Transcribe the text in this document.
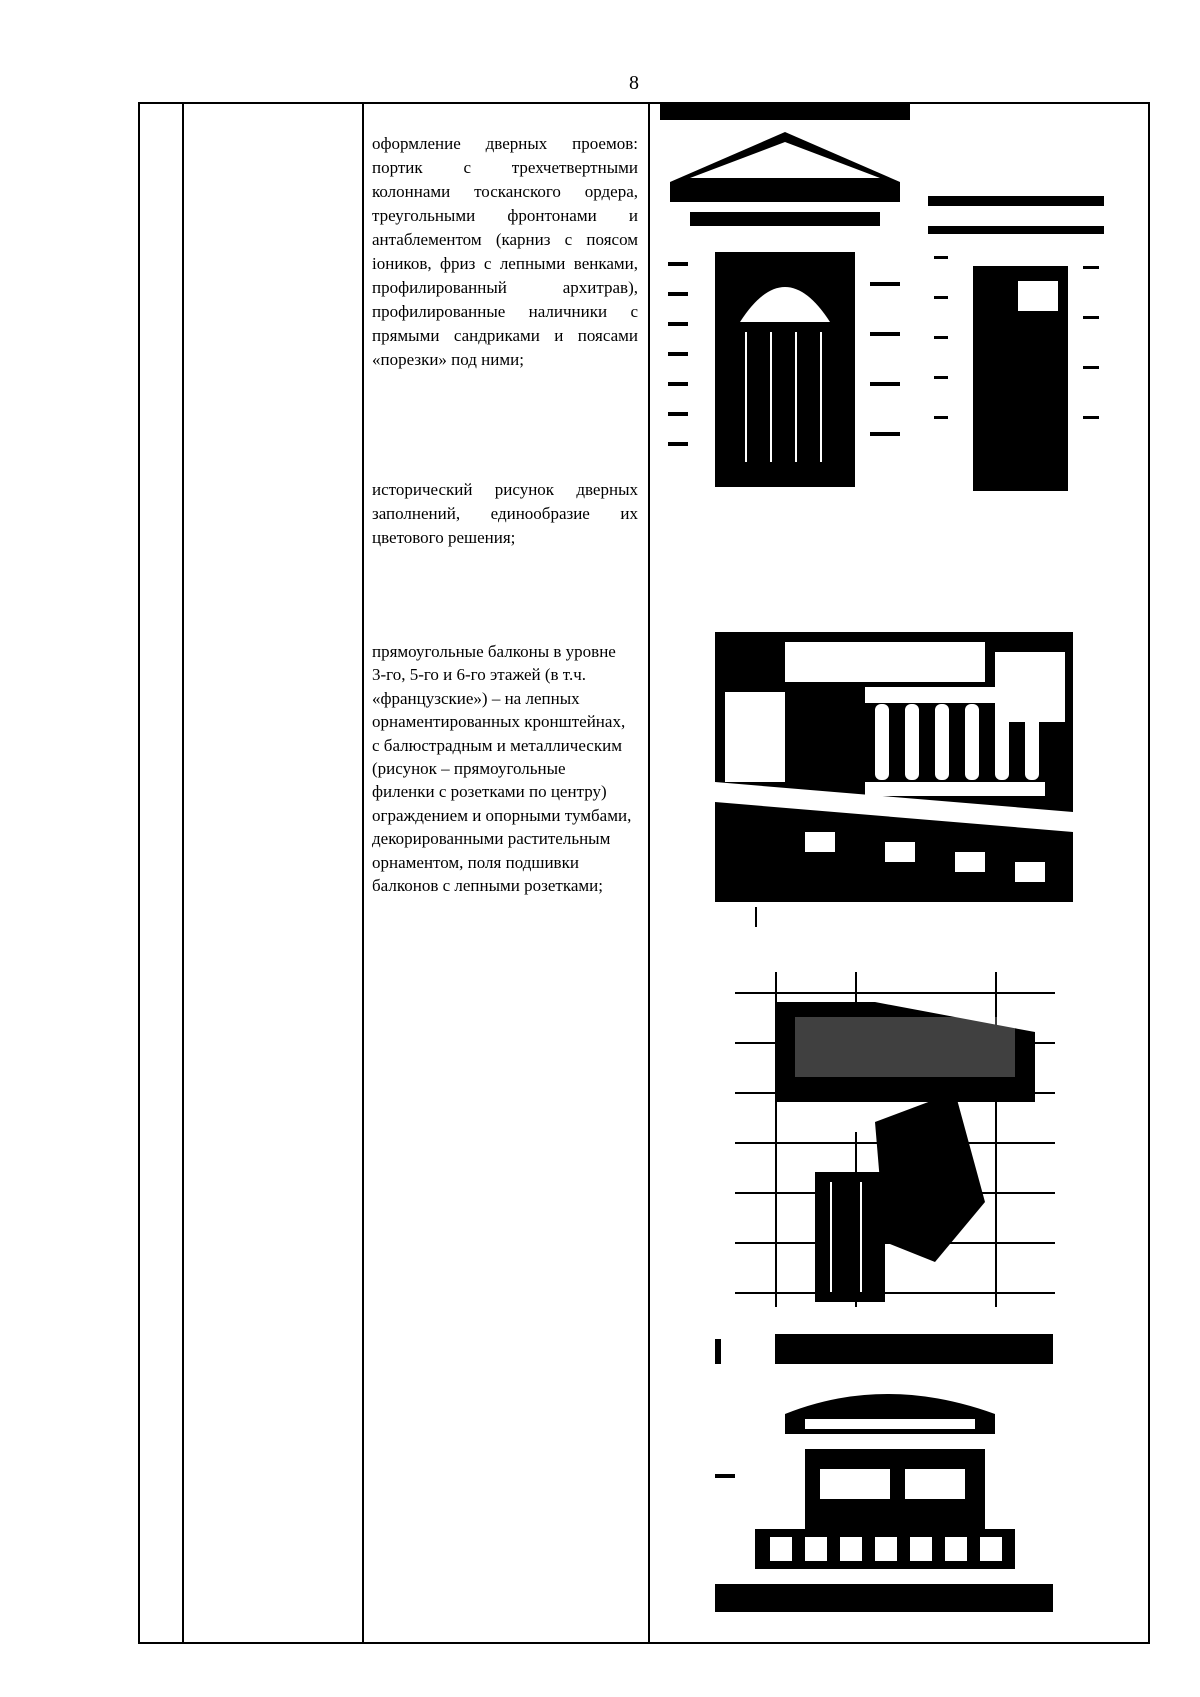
8

оформление дверных проемов: портик с трехчетвертными колоннами тосканского ордера, треугольными фронтонами и антаблементом (карниз с поясом ioников, фриз с лепными венками, профилированный архитрав), профилированные наличники с прямыми сандриками и поясами «порезки» под ними;

исторический рисунок дверных заполнений, единообразие их цветового решения;

прямоугольные балконы в уровне 3-го, 5-го и 6-го этажей (в т.ч. «французские») – на лепных орнаментированных кронштейнах, с балюстрадным и металлическим (рисунок – прямоугольные филенки с розетками по центру) ограждением и опорными тумбами, декорированными растительным орнаментом, поля подшивки балконов с лепными розетками;
